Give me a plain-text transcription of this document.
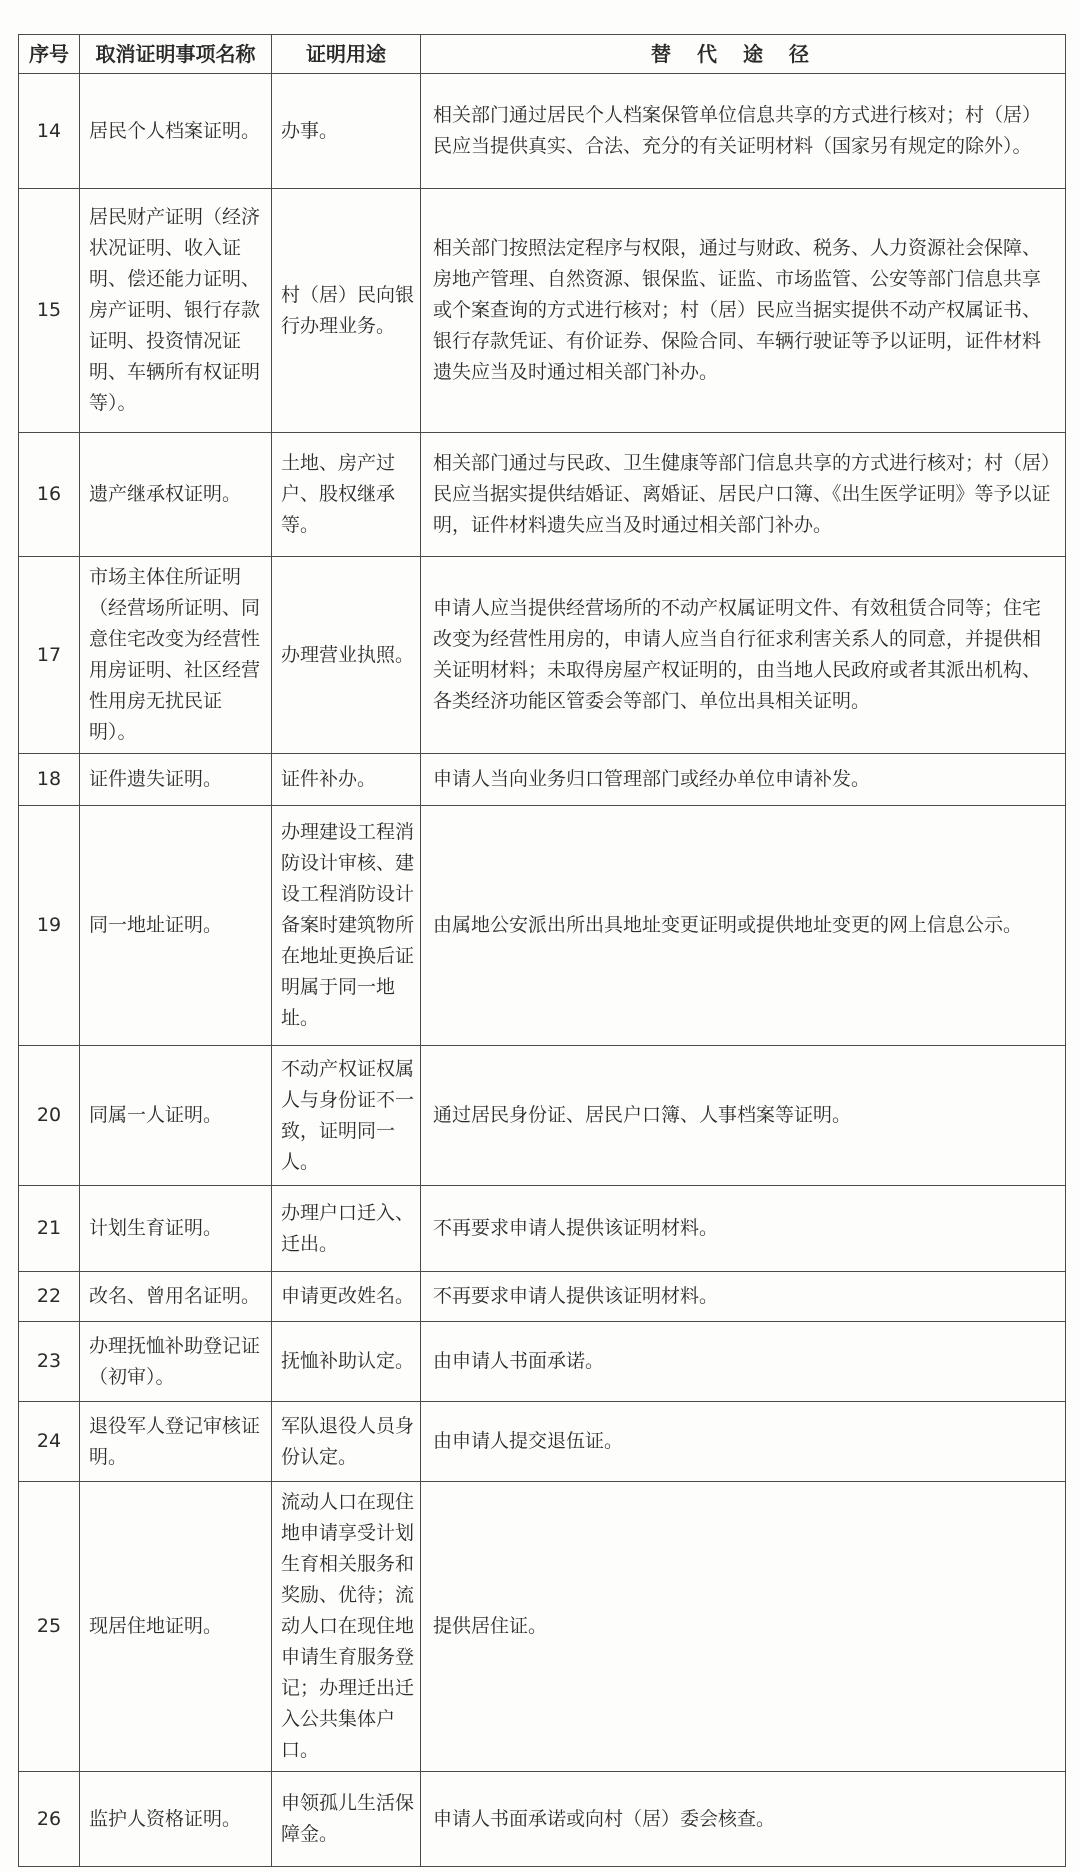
序号	取消证明事项名称	证明用途	替代途径
14	居民个人档案证明。	办事。	相关部门通过居民个人档案保管单位信息共享的方式进行核对；村（居）民应当提供真实、合法、充分的有关证明材料（国家另有规定的除外）。
15	居民财产证明（经济状况证明、收入证明、偿还能力证明、房产证明、银行存款证明、投资情况证明、车辆所有权证明等）。	村（居）民向银行办理业务。	相关部门按照法定程序与权限，通过与财政、税务、人力资源社会保障、房地产管理、自然资源、银保监、证监、市场监管、公安等部门信息共享或个案查询的方式进行核对；村（居）民应当据实提供不动产权属证书、银行存款凭证、有价证券、保险合同、车辆行驶证等予以证明，证件材料遗失应当及时通过相关部门补办。
16	遗产继承权证明。	土地、房产过户、股权继承等。	相关部门通过与民政、卫生健康等部门信息共享的方式进行核对；村（居）民应当据实提供结婚证、离婚证、居民户口簿、《出生医学证明》等予以证明，证件材料遗失应当及时通过相关部门补办。
17	市场主体住所证明（经营场所证明、同意住宅改变为经营性用房证明、社区经营性用房无扰民证明）。	办理营业执照。	申请人应当提供经营场所的不动产权属证明文件、有效租赁合同等；住宅改变为经营性用房的，申请人应当自行征求利害关系人的同意，并提供相关证明材料；未取得房屋产权证明的，由当地人民政府或者其派出机构、各类经济功能区管委会等部门、单位出具相关证明。
18	证件遗失证明。	证件补办。	申请人当向业务归口管理部门或经办单位申请补发。
19	同一地址证明。	办理建设工程消防设计审核、建设工程消防设计备案时建筑物所在地址更换后证明属于同一地址。	由属地公安派出所出具地址变更证明或提供地址变更的网上信息公示。
20	同属一人证明。	不动产权证权属人与身份证不一致，证明同一人。	通过居民身份证、居民户口簿、人事档案等证明。
21	计划生育证明。	办理户口迁入、迁出。	不再要求申请人提供该证明材料。
22	改名、曾用名证明。	申请更改姓名。	不再要求申请人提供该证明材料。
23	办理抚恤补助登记证（初审）。	抚恤补助认定。	由申请人书面承诺。
24	退役军人登记审核证明。	军队退役人员身份认定。	由申请人提交退伍证。
25	现居住地证明。	流动人口在现住地申请享受计划生育相关服务和奖励、优待；流动人口在现住地申请生育服务登记；办理迁出迁入公共集体户口。	提供居住证。
26	监护人资格证明。	申领孤儿生活保障金。	申请人书面承诺或向村（居）委会核查。
